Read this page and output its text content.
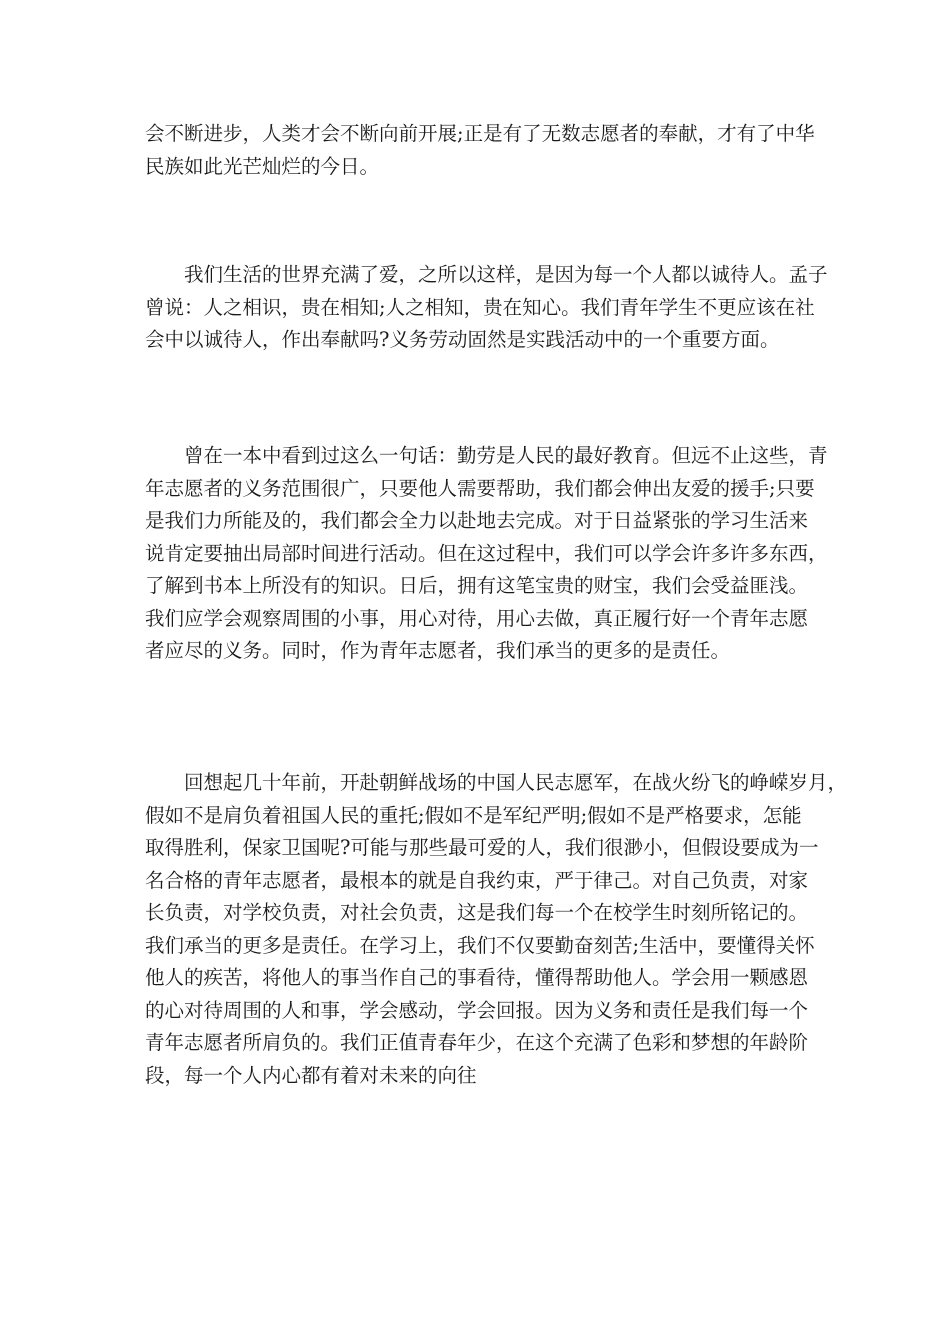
会不断进步，人类才会不断向前开展;正是有了无数志愿者的奉献，才有了中华
民族如此光芒灿烂的今日。
我们生活的世界充满了爱，之所以这样，是因为每一个人都以诚待人。孟子
曾说：人之相识，贵在相知;人之相知，贵在知心。我们青年学生不更应该在社
会中以诚待人，作出奉献吗?义务劳动固然是实践活动中的一个重要方面。
曾在一本中看到过这么一句话：勤劳是人民的最好教育。但远不止这些，青
年志愿者的义务范围很广，只要他人需要帮助，我们都会伸出友爱的援手;只要
是我们力所能及的，我们都会全力以赴地去完成。对于日益紧张的学习生活来
说肯定要抽出局部时间进行活动。但在这过程中，我们可以学会许多许多东西，
了解到书本上所没有的知识。日后，拥有这笔宝贵的财宝，我们会受益匪浅。
我们应学会观察周围的小事，用心对待，用心去做，真正履行好一个青年志愿
者应尽的义务。同时，作为青年志愿者，我们承当的更多的是责任。
回想起几十年前，开赴朝鲜战场的中国人民志愿军，在战火纷飞的峥嵘岁月，
假如不是肩负着祖国人民的重托;假如不是军纪严明;假如不是严格要求，怎能
取得胜利，保家卫国呢?可能与那些最可爱的人，我们很渺小，但假设要成为一
名合格的青年志愿者，最根本的就是自我约束，严于律己。对自己负责，对家
长负责，对学校负责，对社会负责，这是我们每一个在校学生时刻所铭记的。
我们承当的更多是责任。在学习上，我们不仅要勤奋刻苦;生活中，要懂得关怀
他人的疾苦，将他人的事当作自己的事看待，懂得帮助他人。学会用一颗感恩
的心对待周围的人和事，学会感动，学会回报。因为义务和责任是我们每一个
青年志愿者所肩负的。我们正值青春年少，在这个充满了色彩和梦想的年龄阶
段，每一个人内心都有着对未来的向往
